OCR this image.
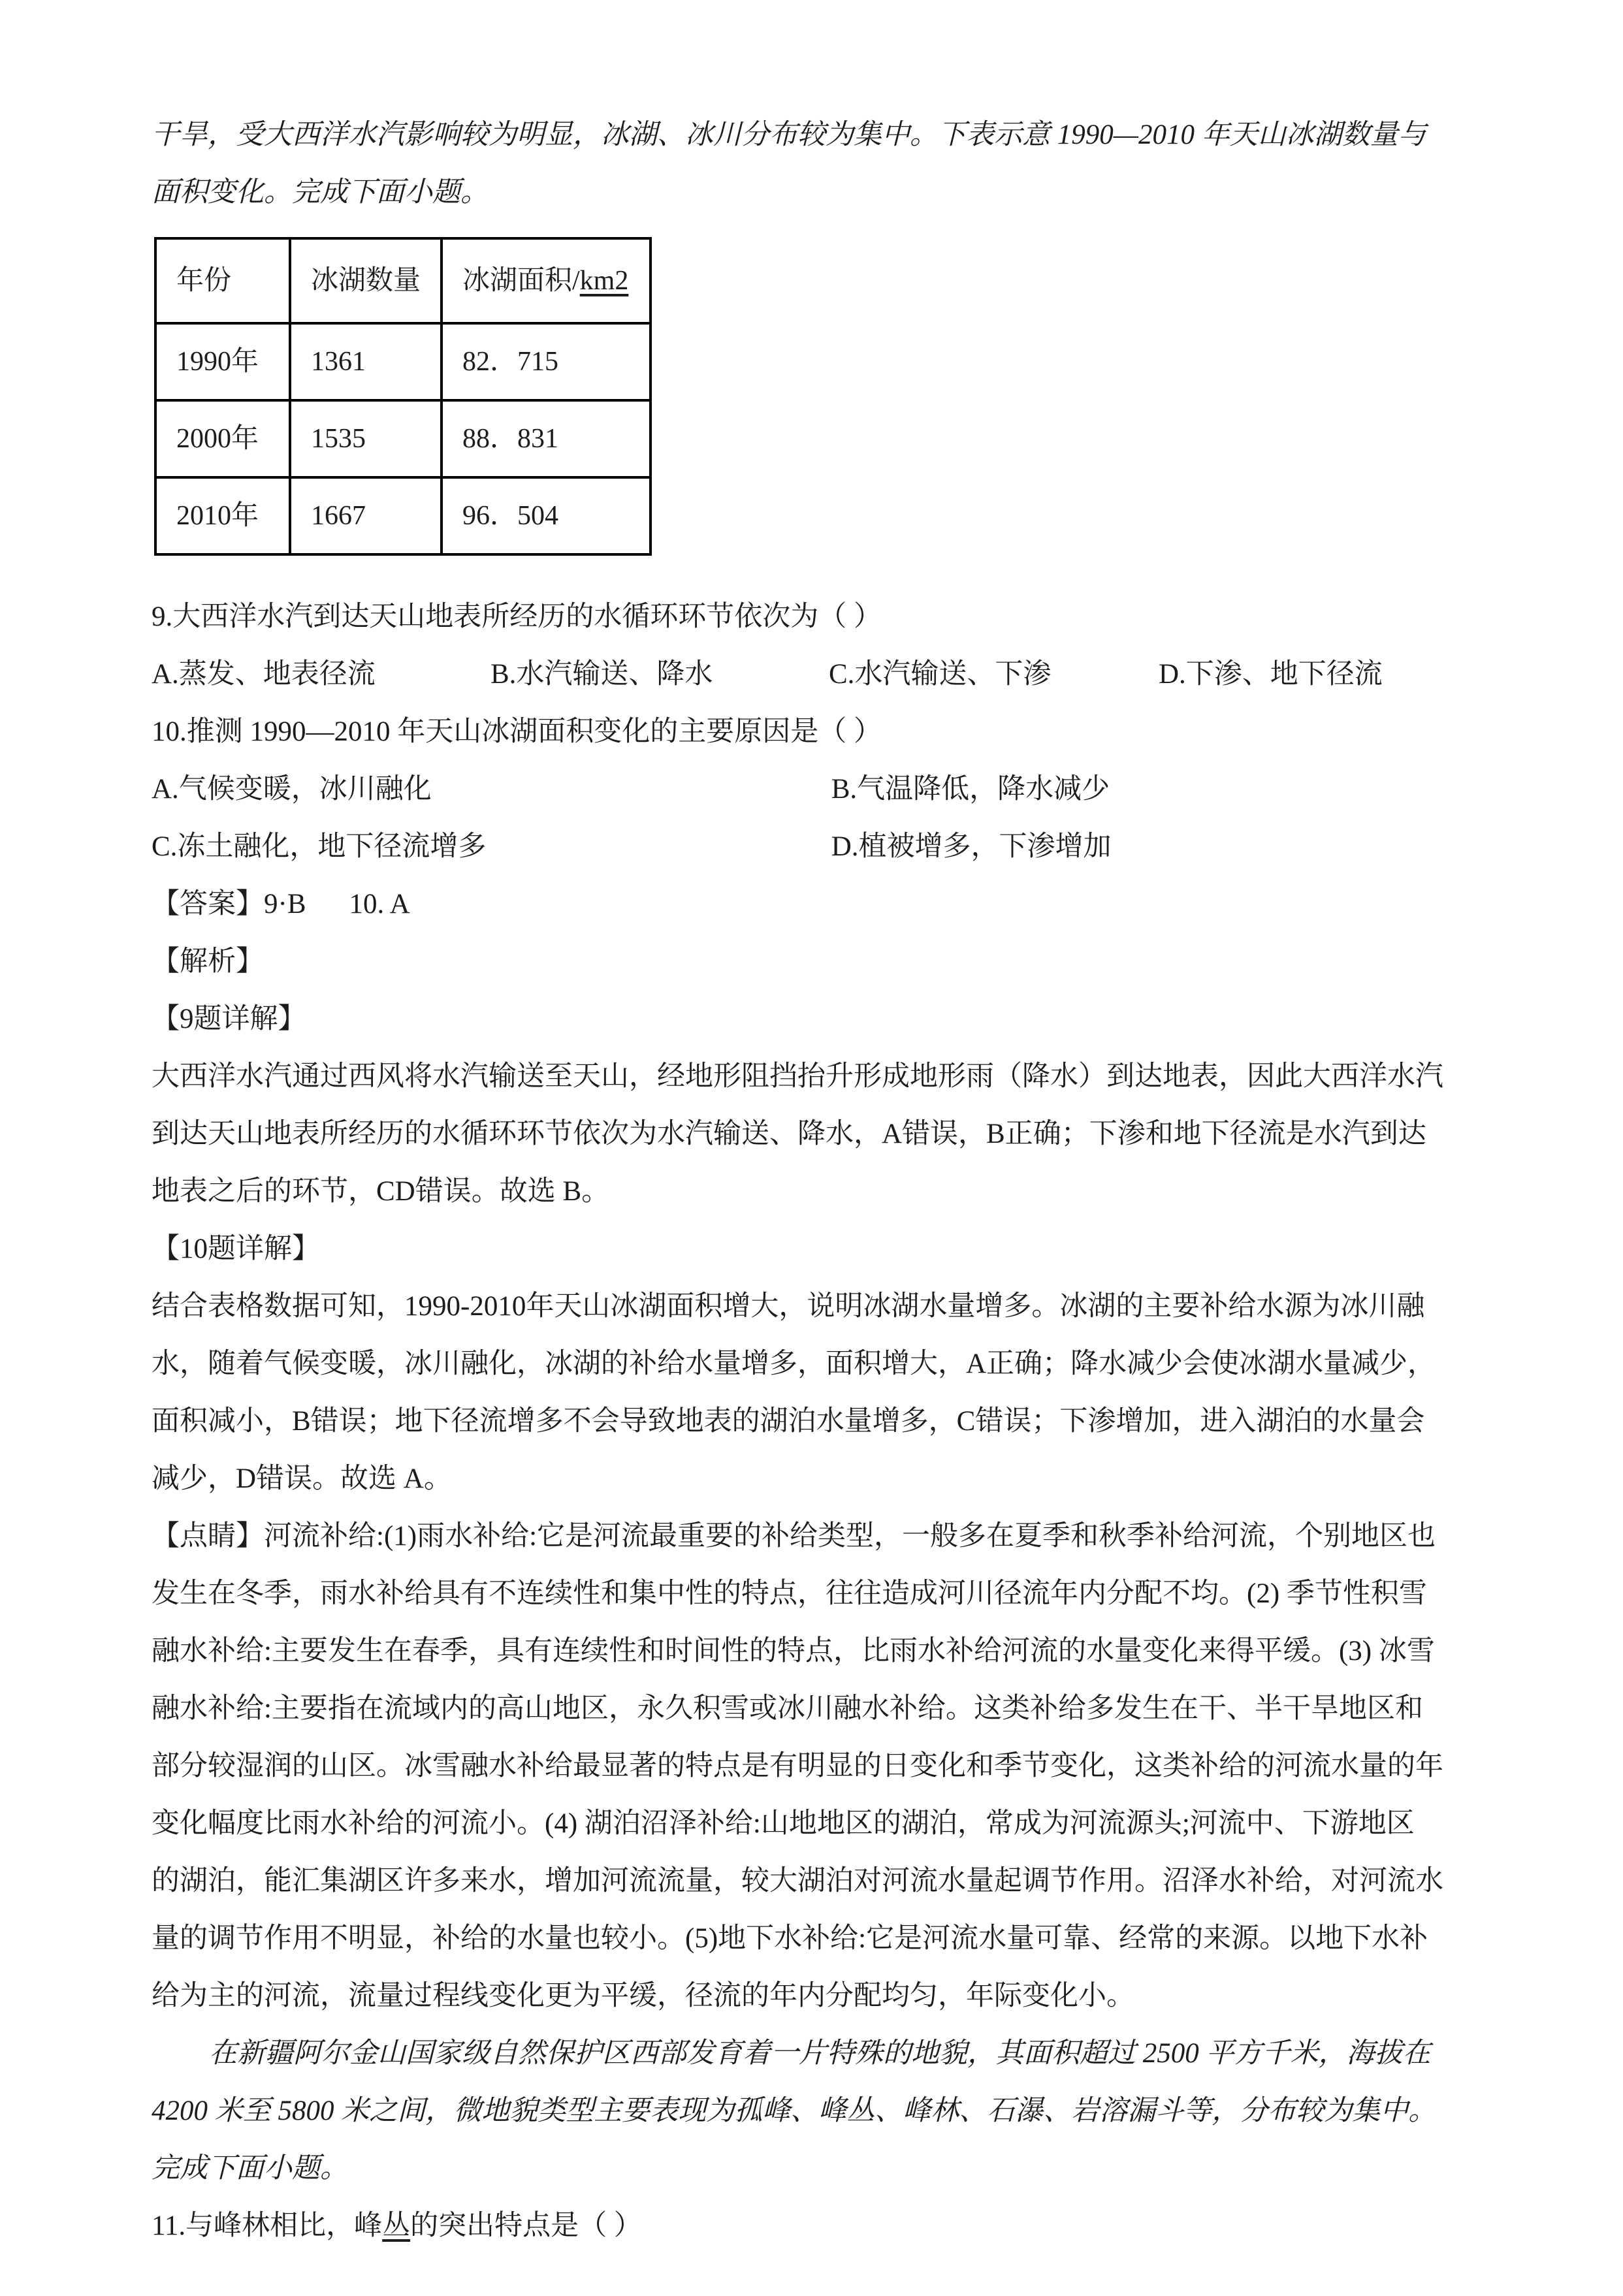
干旱，受大西洋水汽影响较为明显，冰湖、冰川分布较为集中。下表示意 1990—2010 年天山冰湖数量与
面积变化。完成下面小题。
年份	冰湖数量	冰湖面积/km2
1990年	1361	82．715
2000年	1535	88．831
2010年	1667	96．504
9.大西洋水汽到达天山地表所经历的水循环环节依次为（ ）
A.蒸发、地表径流	B.水汽输送、降水	C.水汽输送、下渗	D.下渗、地下径流
10.推测 1990—2010 年天山冰湖面积变化的主要原因是（ ）
A.气候变暖，冰川融化	B.气温降低，降水减少
C.冻土融化，地下径流增多	D.植被增多，下渗增加
【答案】9·B 10. A
【解析】
【9题详解】
大西洋水汽通过西风将水汽输送至天山，经地形阻挡抬升形成地形雨（降水）到达地表，因此大西洋水汽
到达天山地表所经历的水循环环节依次为水汽输送、降水，A错误，B正确；下渗和地下径流是水汽到达
地表之后的环节，CD错误。故选 B。
【10题详解】
结合表格数据可知，1990-2010年天山冰湖面积增大，说明冰湖水量增多。冰湖的主要补给水源为冰川融
水，随着气候变暖，冰川融化，冰湖的补给水量增多，面积增大，A正确；降水减少会使冰湖水量减少，
面积减小，B错误；地下径流增多不会导致地表的湖泊水量增多，C错误；下渗增加，进入湖泊的水量会
减少，D错误。故选 A。
【点睛】河流补给:(1)雨水补给:它是河流最重要的补给类型，一般多在夏季和秋季补给河流，个别地区也
发生在冬季，雨水补给具有不连续性和集中性的特点，往往造成河川径流年内分配不均。(2) 季节性积雪
融水补给:主要发生在春季，具有连续性和时间性的特点，比雨水补给河流的水量变化来得平缓。(3) 冰雪
融水补给:主要指在流域内的高山地区，永久积雪或冰川融水补给。这类补给多发生在干、半干旱地区和
部分较湿润的山区。冰雪融水补给最显著的特点是有明显的日变化和季节变化，这类补给的河流水量的年
变化幅度比雨水补给的河流小。(4) 湖泊沼泽补给:山地地区的湖泊，常成为河流源头;河流中、下游地区
的湖泊，能汇集湖区许多来水，增加河流流量，较大湖泊对河流水量起调节作用。沼泽水补给，对河流水
量的调节作用不明显，补给的水量也较小。(5)地下水补给:它是河流水量可靠、经常的来源。以地下水补
给为主的河流，流量过程线变化更为平缓，径流的年内分配均匀，年际变化小。
在新疆阿尔金山国家级自然保护区西部发育着一片特殊的地貌，其面积超过 2500 平方千米，海拔在
4200 米至 5800 米之间，微地貌类型主要表现为孤峰、峰丛、峰林、石瀑、岩溶漏斗等，分布较为集中。
完成下面小题。
11.与峰林相比，峰丛的突出特点是（ ）
